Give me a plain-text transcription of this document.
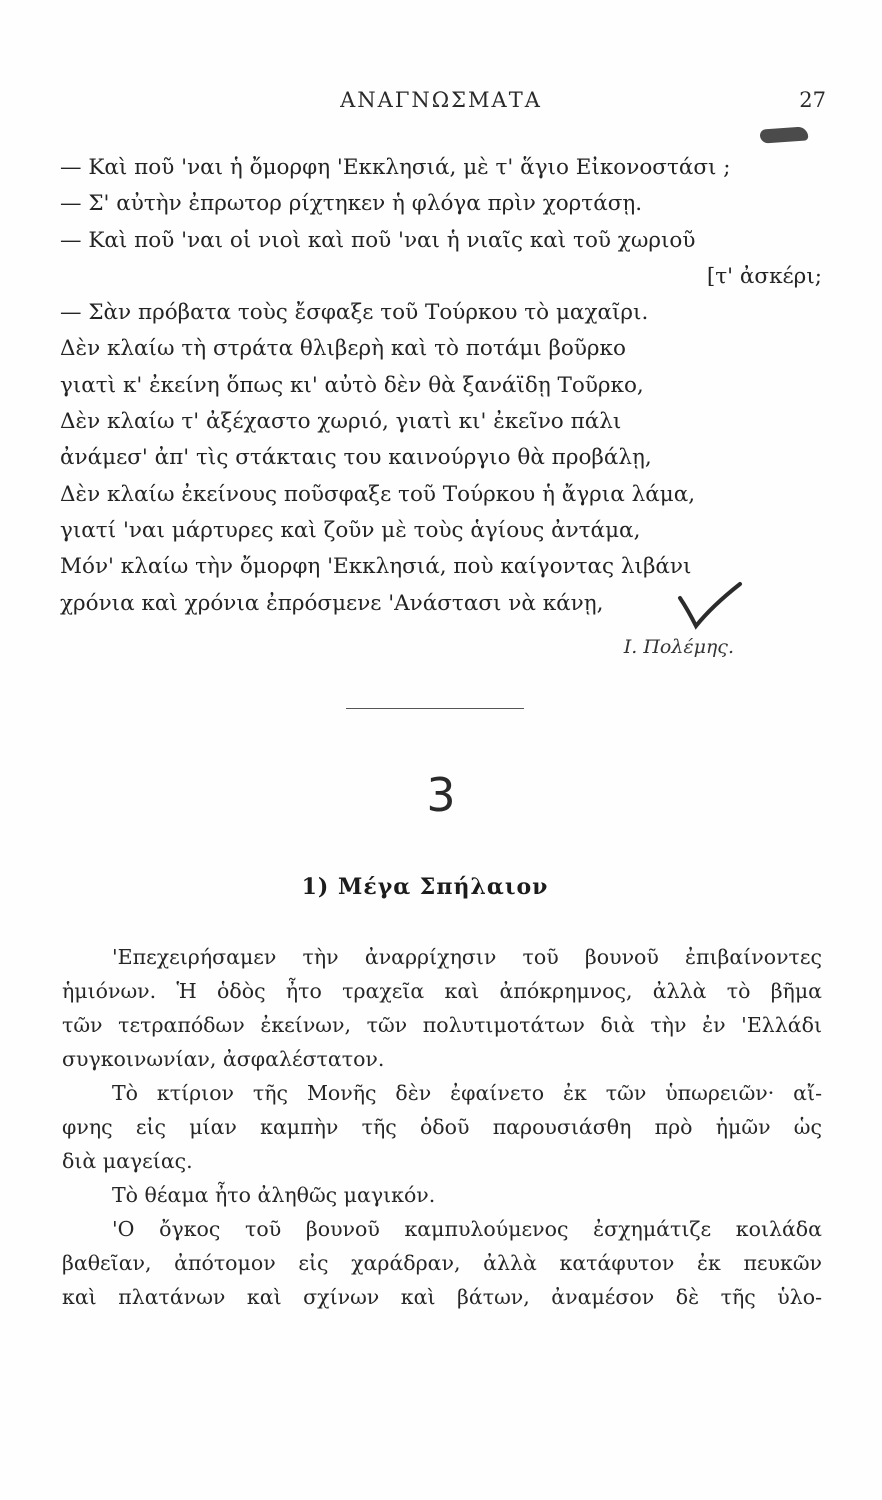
ΑΝΑΓΝΩΣΜΑΤΑ	27
— Καὶ ποῦ 'ναι ἡ ὄμορφη 'Εκκλησιά, μὲ τ' ἅγιο Εἰκονοστάσι ;
— Σ' αὐτὴν ἐπρωτορ ρίχτηκεν ἡ φλόγα πρὶν χορτάσῃ.
— Καὶ ποῦ 'ναι οἱ νιοὶ καὶ ποῦ 'ναι ἡ νιαῖς καὶ τοῦ χωριοῦ
[τ' ἀσκέρι;
— Σὰν πρόβατα τοὺς ἔσφαξε τοῦ Τούρκου τὸ μαχαῖρι.
Δὲν κλαίω τὴ στράτα θλιβερὴ καὶ τὸ ποτάμι βοῦρκο
γιατὶ κ' ἐκείνη ὅπως κι' αὐτὸ δὲν θὰ ξανάϊδῃ Τοῦρκο,
Δὲν κλαίω τ' ἀξέχαστο χωριό, γιατὶ κι' ἐκεῖνο πάλι
ἀνάμεσ' ἀπ' τὶς στάκταις του καινούργιο θὰ προβάλῃ,
Δὲν κλαίω ἐκείνους ποῦσφαξε τοῦ Τούρκου ἡ ἄγρια λάμα,
γιατί 'ναι μάρτυρες καὶ ζοῦν μὲ τοὺς ἁγίους ἀντάμα,
Μόν' κλαίω τὴν ὄμορφη 'Εκκλησιά, ποὺ καίγοντας λιβάνι
χρόνια καὶ χρόνια ἐπρόσμενε 'Ανάστασι νὰ κάνῃ,
Ι. Πολέμης.
3
1) Μέγα Σπήλαιον
'Επεχειρήσαμεν τὴν ἀναρρίχησιν τοῦ βουνοῦ ἐπιβαίνοντες
ἡμιόνων. Ἡ ὁδὸς ἦτο τραχεῖα καὶ ἀπόκρημνος, ἀλλὰ τὸ βῆμα
τῶν τετραπόδων ἐκείνων, τῶν πολυτιμοτάτων διὰ τὴν ἐν 'Ελλάδι
συγκοινωνίαν, ἀσφαλέστατον.
Τὸ κτίριον τῆς Μονῆς δὲν ἐφαίνετο ἐκ τῶν ὑπωρειῶν· αἴ-
φνης εἰς μίαν καμπὴν τῆς ὁδοῦ παρουσιάσθη πρὸ ἡμῶν ὡς
διὰ μαγείας.
Τὸ θέαμα ἦτο ἀληθῶς μαγικόν.
'Ο ὄγκος τοῦ βουνοῦ καμπυλούμενος ἐσχημάτιζε κοιλάδα
βαθεῖαν, ἀπότομον εἰς χαράδραν, ἀλλὰ κατάφυτον ἐκ πευκῶν
καὶ πλατάνων καὶ σχίνων καὶ βάτων, ἀναμέσον δὲ τῆς ὑλο-
